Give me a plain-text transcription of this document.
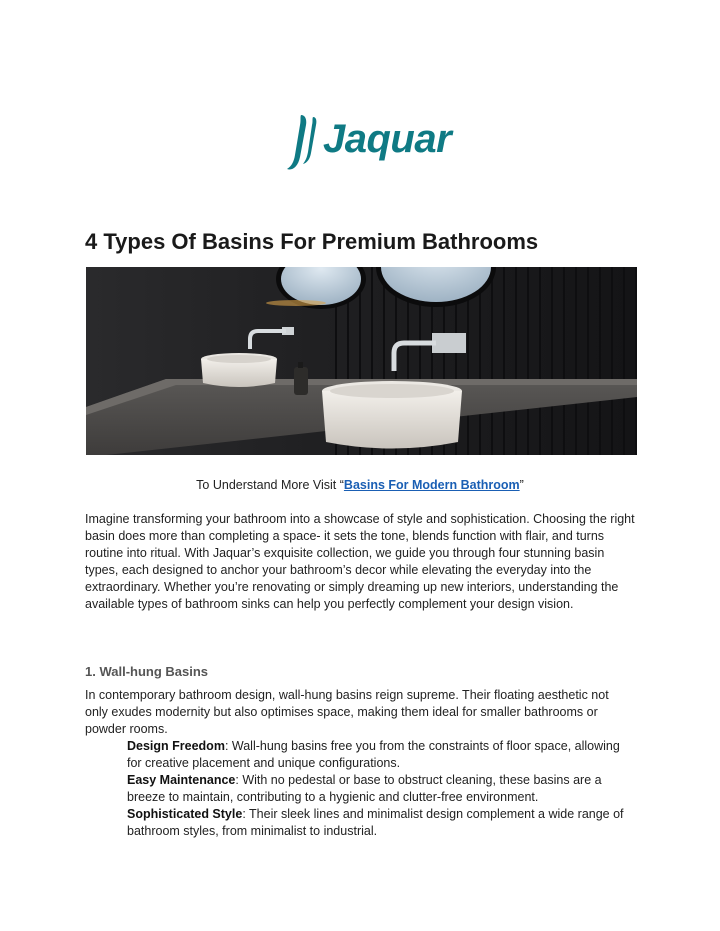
Jaquar
4 Types Of Basins For Premium Bathrooms

To Understand More Visit “Basins For Modern Bathroom”

Imagine transforming your bathroom into a showcase of style and sophistication. Choosing the right basin does more than completing a space- it sets the tone, blends function with flair, and turns routine into ritual. With Jaquar’s exquisite collection, we guide you through four stunning basin types, each designed to anchor your bathroom’s decor while elevating the everyday into the extraordinary. Whether you’re renovating or simply dreaming up new interiors, understanding the available types of bathroom sinks can help you perfectly complement your design vision.

1. Wall-hung Basins

In contemporary bathroom design, wall-hung basins reign supreme. Their floating aesthetic not only exudes modernity but also optimises space, making them ideal for smaller bathrooms or powder rooms.

Design Freedom: Wall-hung basins free you from the constraints of floor space, allowing for creative placement and unique configurations.

Easy Maintenance: With no pedestal or base to obstruct cleaning, these basins are a breeze to maintain, contributing to a hygienic and clutter-free environment.

Sophisticated Style: Their sleek lines and minimalist design complement a wide range of bathroom styles, from minimalist to industrial.
